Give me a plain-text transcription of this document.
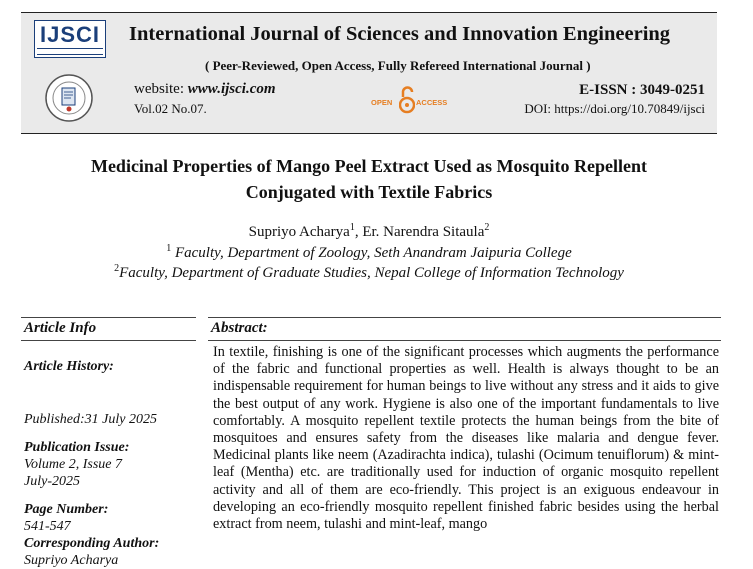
IJSCI International Journal of Sciences and Innovation Engineering
( Peer-Reviewed, Open Access, Fully Refereed International Journal )
website: www.ijsci.com
Vol.02 No.07.	OPEN	ACCESS
E-ISSN : 3049-0251
DOI: https://doi.org/10.70849/ijsci
Medicinal Properties of Mango Peel Extract Used as Mosquito Repellent
Conjugated with Textile Fabrics
Supriyo Acharya$^1$, Er. Narendra Sitaula$^2$
$^1$ Faculty, Department of Zoology, Seth Anandram Jaipuria College
$^2$Faculty, Department of Graduate Studies, Nepal College of Information Technology
Article Info
Article History:
Published:31 July 2025
Publication Issue:
Volume 2, Issue 7
July-2025
Page Number:
541-547
Corresponding Author:
Supriyo Acharya
Abstract:
In textile, finishing is one of the significant processes which augments the performance of the fabric and functional properties as well. Health is always thought to be an indispensable requirement for human beings to live without any stress and it aids to give the best output of any work. Hygiene is also one of the important fundamentals to live comfortably. A mosquito repellent textile protects the human beings from the bite of mosquitoes and ensures safety from the diseases like malaria and dengue fever. Medicinal plants like neem (Azadirachta indica), tulashi (Ocimum tenuiflorum) & mint-leaf (Mentha) etc. are traditionally used for induction of organic mosquito repellent activity and all of them are eco-friendly. This project is an exiguous endeavour in developing an eco-friendly mosquito repellent finished fabric besides using the herbal extract from neem, tulashi and mint-leaf, mango
